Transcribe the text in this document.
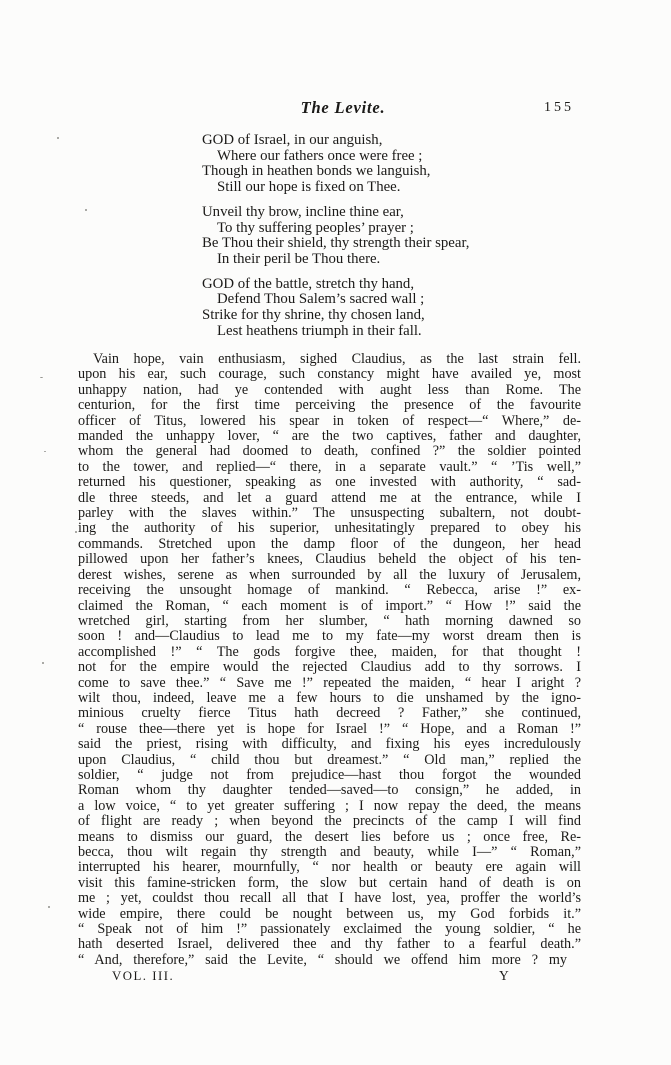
The Levite.	155
GOD of Israel, in our anguish,
Where our fathers once were free ;
Though in heathen bonds we languish,
Still our hope is fixed on Thee.
Unveil thy brow, incline thine ear,
To thy suffering peoples’ prayer ;
Be Thou their shield, thy strength their spear,
In their peril be Thou there.
GOD of the battle, stretch thy hand,
Defend Thou Salem’s sacred wall ;
Strike for thy shrine, thy chosen land,
Lest heathens triumph in their fall.
Vain hope, vain enthusiasm, sighed Claudius, as the last strain fell.
upon his ear, such courage, such constancy might have availed ye, most
unhappy nation, had ye contended with aught less than Rome. The
centurion, for the first time perceiving the presence of the favourite
officer of Titus, lowered his spear in token of respect—“ Where,” de-
manded the unhappy lover, “ are the two captives, father and daughter,
whom the general had doomed to death, confined ?” the soldier pointed
to the tower, and replied—“ there, in a separate vault.” “ ’Tis well,”
returned his questioner, speaking as one invested with authority, “ sad-
dle three steeds, and let a guard attend me at the entrance, while I
parley with the slaves within.” The unsuspecting subaltern, not doubt-
ing the authority of his superior, unhesitatingly prepared to obey his
commands. Stretched upon the damp floor of the dungeon, her head
pillowed upon her father’s knees, Claudius beheld the object of his ten-
derest wishes, serene as when surrounded by all the luxury of Jerusalem,
receiving the unsought homage of mankind. “ Rebecca, arise !” ex-
claimed the Roman, “ each moment is of import.” “ How !” said the
wretched girl, starting from her slumber, “ hath morning dawned so
soon ! and—Claudius to lead me to my fate—my worst dream then is
accomplished !” “ The gods forgive thee, maiden, for that thought !
not for the empire would the rejected Claudius add to thy sorrows. I
come to save thee.” “ Save me !” repeated the maiden, “ hear I aright ?
wilt thou, indeed, leave me a few hours to die unshamed by the igno-
minious cruelty fierce Titus hath decreed ? Father,” she continued,
“ rouse thee—there yet is hope for Israel !” “ Hope, and a Roman !”
said the priest, rising with difficulty, and fixing his eyes incredulously
upon Claudius, “ child thou but dreamest.” “ Old man,” replied the
soldier, “ judge not from prejudice—hast thou forgot the wounded
Roman whom thy daughter tended—saved—to consign,” he added, in
a low voice, “ to yet greater suffering ; I now repay the deed, the means
of flight are ready ; when beyond the precincts of the camp I will find
means to dismiss our guard, the desert lies before us ; once free, Re-
becca, thou wilt regain thy strength and beauty, while I—” “ Roman,”
interrupted his hearer, mournfully, “ nor health or beauty ere again will
visit this famine-stricken form, the slow but certain hand of death is on
me ; yet, couldst thou recall all that I have lost, yea, proffer the world’s
wide empire, there could be nought between us, my God forbids it.”
“ Speak not of him !” passionately exclaimed the young soldier, “ he
hath deserted Israel, delivered thee and thy father to a fearful death.”
“ And, therefore,” said the Levite, “ should we offend him more ? my
VOL. III.	Y
